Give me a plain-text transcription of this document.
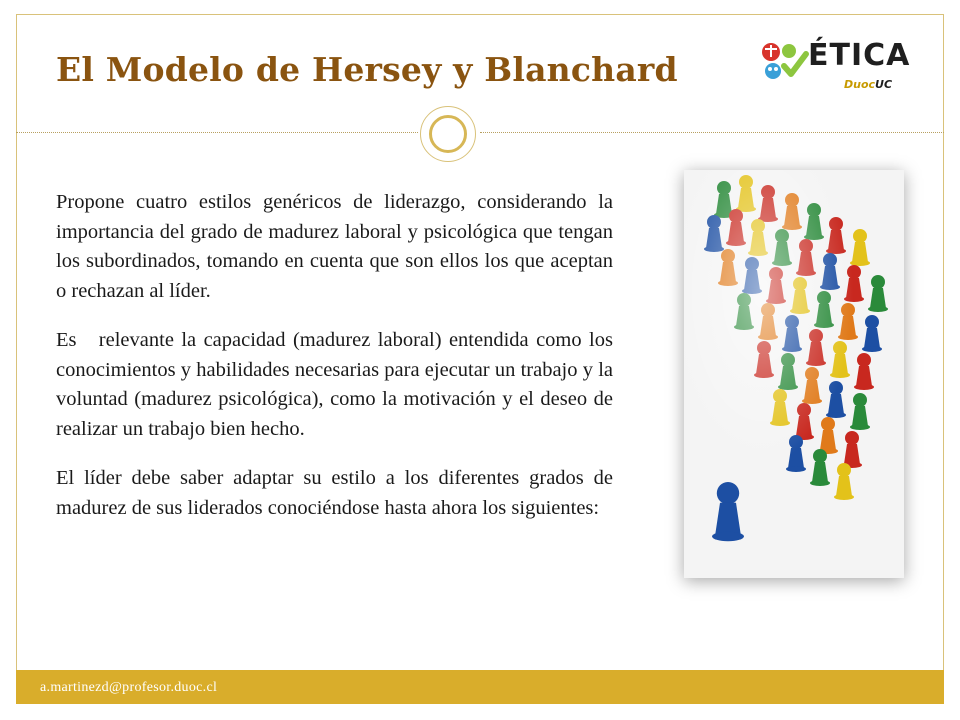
El Modelo de Hersey y Blanchard	ÉTICA
DuocUC

Propone cuatro estilos genéricos de liderazgo, considerando la importancia del grado de madurez laboral y psicológica que tengan los subordinados, tomando en cuenta que son ellos los que aceptan o rechazan al líder.

Es   relevante la capacidad (madurez laboral) entendida como los conocimientos y habilidades necesarias para ejecutar un trabajo y la voluntad (madurez psicológica), como la motivación y el deseo de realizar un trabajo bien hecho.

El líder debe saber adaptar su estilo a los diferentes grados de madurez de sus liderados conociéndose hasta ahora los siguientes:

a.martinezd@profesor.duoc.cl
